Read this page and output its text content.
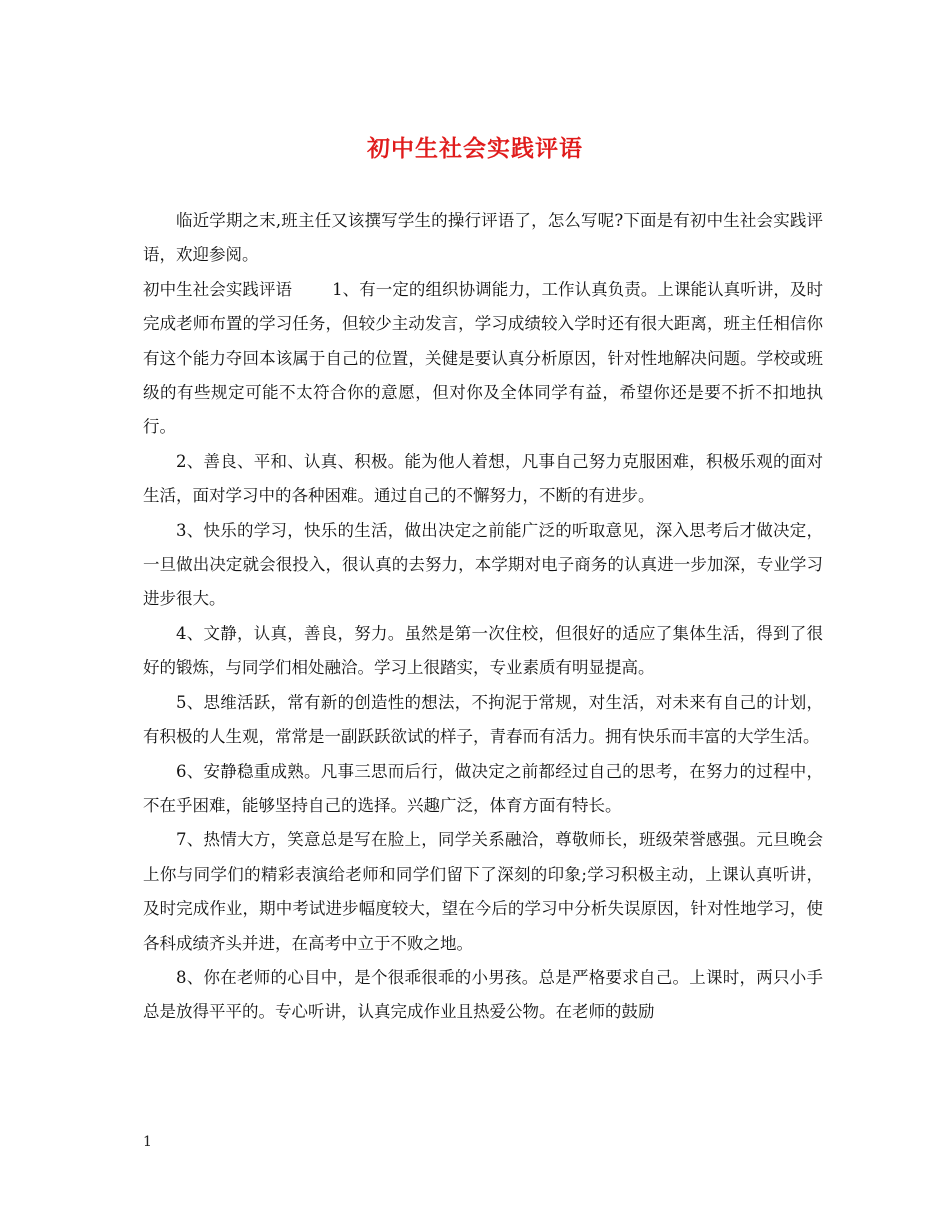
初中生社会实践评语

临近学期之末,班主任又该撰写学生的操行评语了，怎么写呢?下面是有初中生社会实践评语，欢迎参阅。

初中生社会实践评语 1、有一定的组织协调能力，工作认真负责。上课能认真听讲，及时完成老师布置的学习任务，但较少主动发言，学习成绩较入学时还有很大距离，班主任相信你有这个能力夺回本该属于自己的位置，关健是要认真分析原因，针对性地解决问题。学校或班级的有些规定可能不太符合你的意愿，但对你及全体同学有益，希望你还是要不折不扣地执行。

2、善良、平和、认真、积极。能为他人着想，凡事自己努力克服困难，积极乐观的面对生活，面对学习中的各种困难。通过自己的不懈努力，不断的有进步。

3、快乐的学习，快乐的生活，做出决定之前能广泛的听取意见，深入思考后才做决定，一旦做出决定就会很投入，很认真的去努力，本学期对电子商务的认真进一步加深，专业学习进步很大。

4、文静，认真，善良，努力。虽然是第一次住校，但很好的适应了集体生活，得到了很好的锻炼，与同学们相处融洽。学习上很踏实，专业素质有明显提高。

5、思维活跃，常有新的创造性的想法，不拘泥于常规，对生活，对未来有自己的计划，有积极的人生观，常常是一副跃跃欲试的样子，青春而有活力。拥有快乐而丰富的大学生活。

6、安静稳重成熟。凡事三思而后行，做决定之前都经过自己的思考，在努力的过程中，不在乎困难，能够坚持自己的选择。兴趣广泛，体育方面有特长。

7、热情大方，笑意总是写在脸上，同学关系融洽，尊敬师长，班级荣誉感强。元旦晚会上你与同学们的精彩表演给老师和同学们留下了深刻的印象;学习积极主动，上课认真听讲，及时完成作业，期中考试进步幅度较大，望在今后的学习中分析失误原因，针对性地学习，使各科成绩齐头并进，在高考中立于不败之地。

8、你在老师的心目中，是个很乖很乖的小男孩。总是严格要求自己。上课时，两只小手总是放得平平的。专心听讲，认真完成作业且热爱公物。在老师的鼓励

1
